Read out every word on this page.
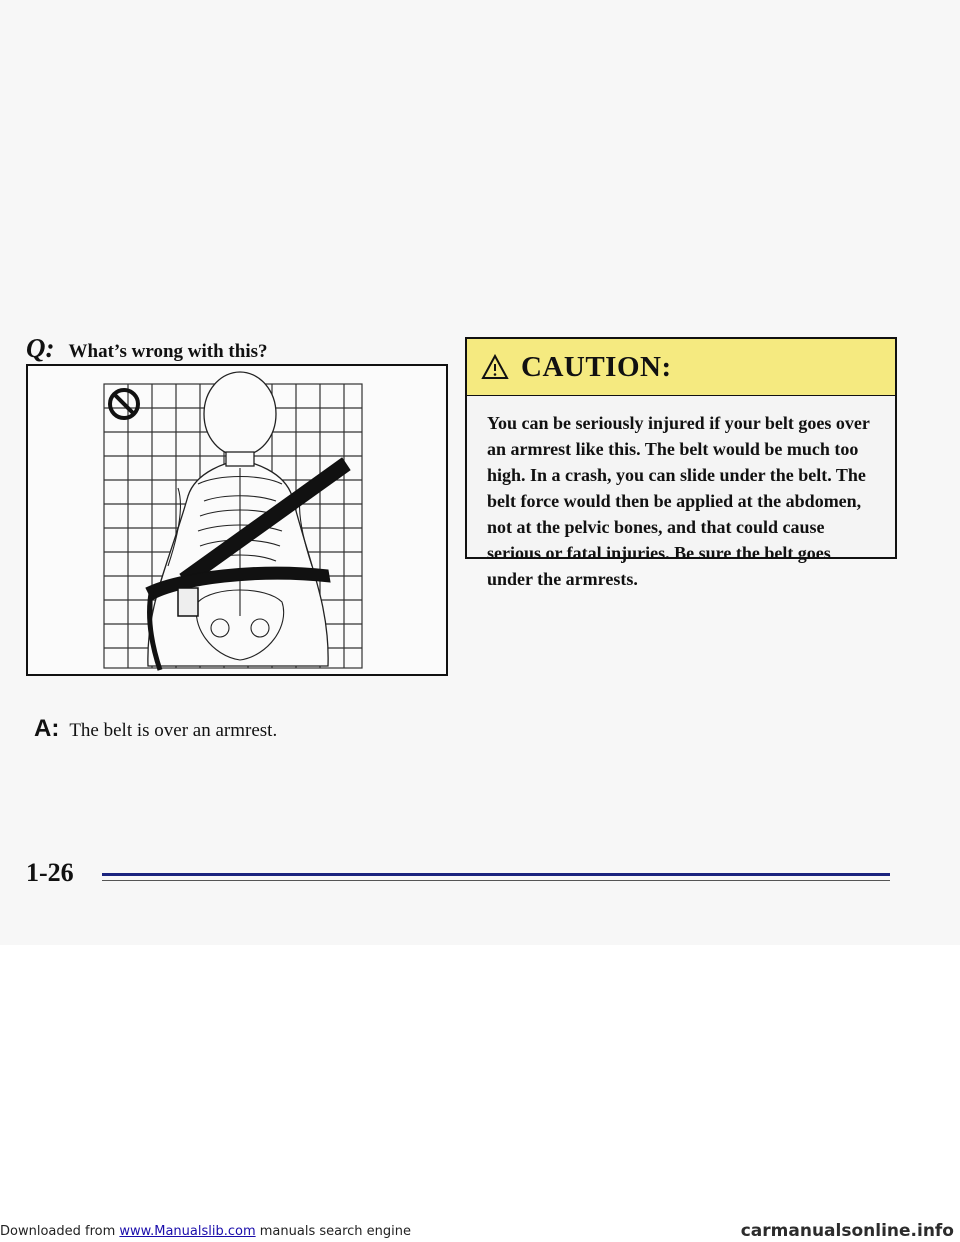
Q: What’s wrong with this?
A: The belt is over an armrest.
CAUTION:
You can be seriously injured if your belt goes over an armrest like this. The belt would be much too high. In a crash, you can slide under the belt. The belt force would then be applied at the abdomen, not at the pelvic bones, and that could cause serious or fatal injuries. Be sure the belt goes under the armrests.
1-26
Downloaded from www.Manualslib.com manuals search engine	carmanualsonline.info
